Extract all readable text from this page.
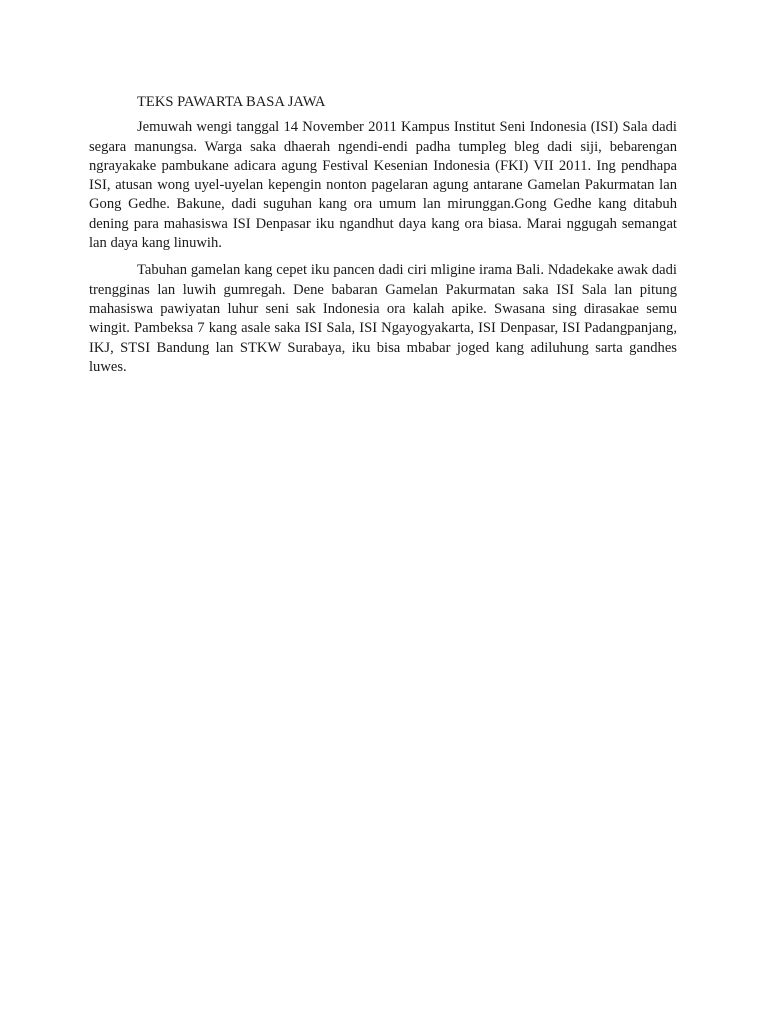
TEKS PAWARTA BASA JAWA

Jemuwah wengi tanggal 14 November 2011 Kampus Institut Seni Indonesia (ISI) Sala dadi segara manungsa. Warga saka dhaerah ngendi-endi padha tumpleg bleg dadi siji, bebarengan ngrayakake pambukane adicara agung Festival Kesenian Indonesia (FKI) VII 2011. Ing pendhapa ISI, atusan wong uyel-uyelan kepengin nonton pagelaran agung antarane Gamelan Pakurmatan lan Gong Gedhe. Bakune, dadi suguhan kang ora umum lan mirunggan.Gong Gedhe kang ditabuh dening para mahasiswa ISI Denpasar iku ngandhut daya kang ora biasa. Marai nggugah semangat lan daya kang linuwih.

Tabuhan gamelan kang cepet iku pancen dadi ciri mligine irama Bali. Ndadekake awak dadi trengginas lan luwih gumregah. Dene babaran Gamelan Pakurmatan saka ISI Sala lan pitung mahasiswa pawiyatan luhur seni sak Indonesia ora kalah apike. Swasana sing dirasakae semu wingit. Pambeksa 7 kang asale saka ISI Sala, ISI Ngayogyakarta, ISI Denpasar, ISI Padangpanjang, IKJ, STSI Bandung lan STKW Surabaya, iku bisa mbabar joged kang adiluhung sarta gandhes luwes.
